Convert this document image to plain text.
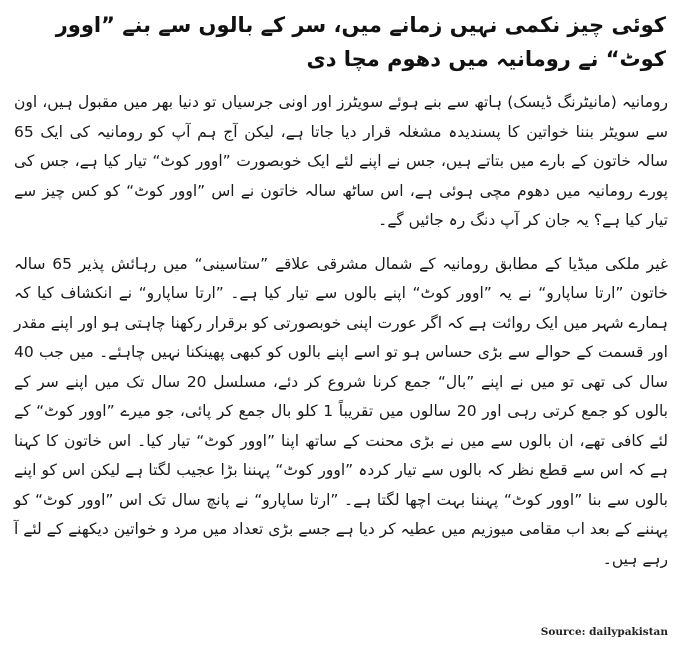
کوئی چیز نکمی نہیں زمانے میں، سر کے بالوں سے بنے ”اوور کوٹ“ نے رومانیہ میں دھوم مچا دی

رومانیہ (مانیٹرنگ ڈیسک) ہاتھ سے بنے ہوئے سویٹرز اور اونی جرسیاں تو دنیا بھر میں مقبول ہیں، اون سے سویٹر بننا خواتین کا پسندیدہ مشغلہ قرار دیا جاتا ہے، لیکن آج ہم آپ کو رومانیہ کی ایک 65 سالہ خاتون کے بارے میں بتاتے ہیں، جس نے اپنے لئے ایک خوبصورت ”اوور کوٹ“ تیار کیا ہے، جس کی پورے رومانیہ میں دھوم مچی ہوئی ہے، اس ساٹھ سالہ خاتون نے اس ”اوور کوٹ“ کو کس چیز سے تیار کیا ہے؟ یہ جان کر آپ دنگ رہ جائیں گے۔

غیر ملکی میڈیا کے مطابق رومانیہ کے شمال مشرقی علاقے ”ستاسینی“ میں رہائش پذیر 65 سالہ خاتون ”ارتا ساپارو“ نے یہ ”اوور کوٹ“ اپنے بالوں سے تیار کیا ہے۔ ”ارتا ساپارو“ نے انکشاف کیا کہ ہمارے شہر میں ایک روائت ہے کہ اگر عورت اپنی خوبصورتی کو برقرار رکھنا چاہتی ہو اور اپنے مقدر اور قسمت کے حوالے سے بڑی حساس ہو تو اسے اپنے بالوں کو کبھی پھینکنا نہیں چاہئے۔ میں جب 40 سال کی تھی تو میں نے اپنے ”بال“ جمع کرنا شروع کر دئے، مسلسل 20 سال تک میں اپنے سر کے بالوں کو جمع کرتی رہی اور 20 سالوں میں تقریباً 1 کلو بال جمع کر پائی، جو میرے ”اوور کوٹ“ کے لئے کافی تھے، ان بالوں سے میں نے بڑی محنت کے ساتھ اپنا ”اوور کوٹ“ تیار کیا۔ اس خاتون کا کہنا ہے کہ اس سے قطع نظر کہ بالوں سے تیار کردہ ”اوور کوٹ“ پہننا بڑا عجیب لگتا ہے لیکن اس کو اپنے بالوں سے بنا ”اوور کوٹ“ پہننا بہت اچھا لگتا ہے۔ ”ارتا ساپارو“ نے پانچ سال تک اس ”اوور کوٹ“ کو پہننے کے بعد اب مقامی میوزیم میں عطیہ کر دیا ہے جسے بڑی تعداد میں مرد و خواتین دیکھنے کے لئے آ رہے ہیں۔

Source: dailypakistan
